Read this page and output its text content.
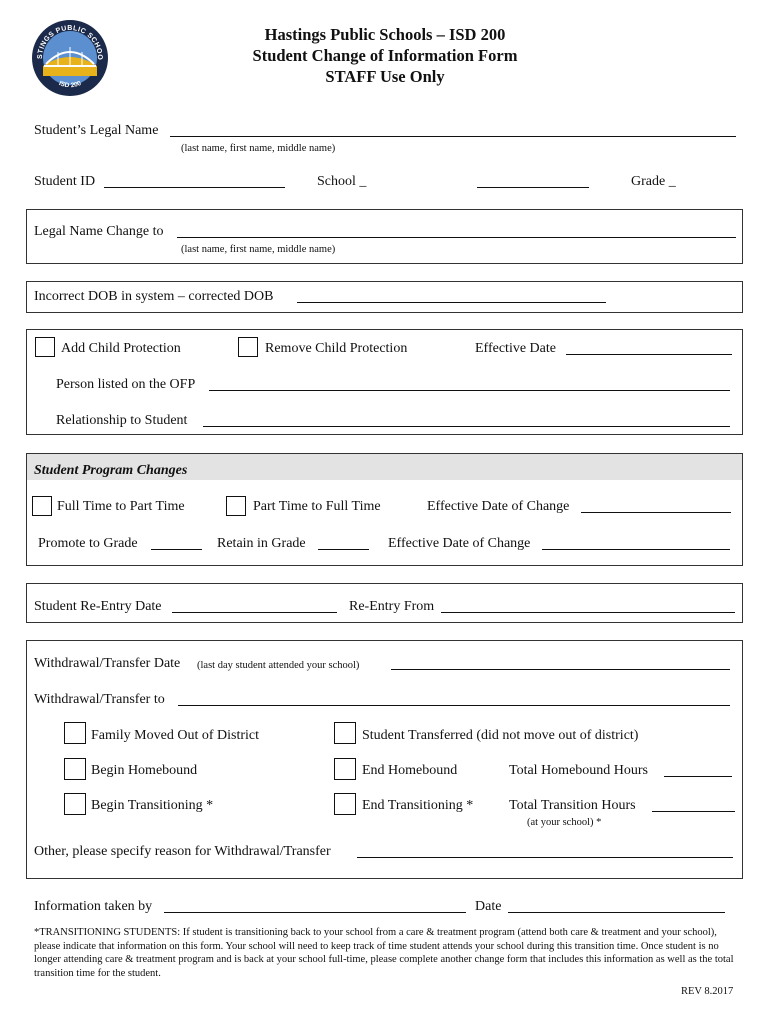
STINGS PUBLIC SCHOO
ISD 200
Hastings Public Schools – ISD 200
Student Change of Information Form
STAFF Use Only
Student’s Legal Name
(last name, first name, middle name)
Student ID	School _	Grade _
Legal Name Change to
(last name, first name, middle name)
Incorrect DOB in system – corrected DOB
Add Child Protection	Remove Child Protection	Effective Date
Person listed on the OFP
Relationship to Student
Student Program Changes
Full Time to Part Time	Part Time to Full Time	Effective Date of Change
Promote to Grade	Retain in Grade	Effective Date of Change
Student Re-Entry Date	Re-Entry From
Withdrawal/Transfer Date (last day student attended your school)
Withdrawal/Transfer to
Family Moved Out of District	Student Transferred (did not move out of district)
Begin Homebound	End Homebound	Total Homebound Hours
Begin Transitioning *	End Transitioning *	Total Transition Hours
(at your school) *
Other, please specify reason for Withdrawal/Transfer
Information taken by	Date
*TRANSITIONING STUDENTS: If student is transitioning back to your school from a care & treatment program (attend both care & treatment and your school), please indicate that information on this form. Your school will need to keep track of time student attends your school during this transition time. Once student is no longer attending care & treatment program and is back at your school full-time, please complete another change form that includes this information as well as the total transition time for the student.
REV 8.2017
